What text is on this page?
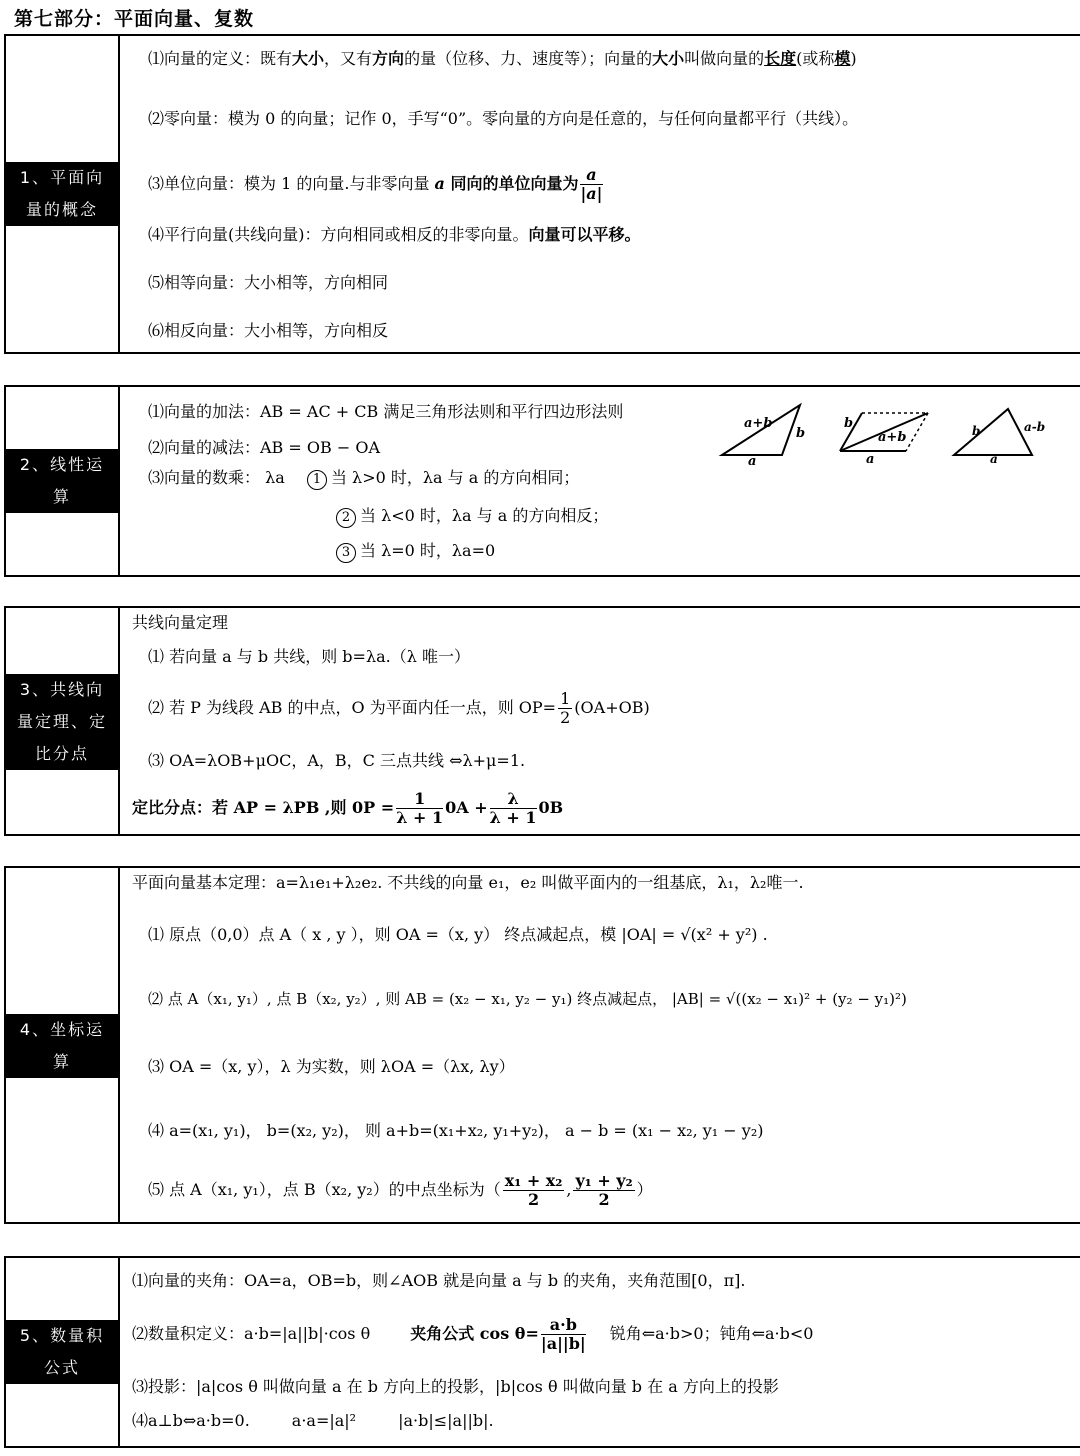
第七部分：平面向量、复数
1、平面向
量的概念
⑴向量的定义：既有大小，又有方向的量（位移、力、速度等）；向量的大小叫做向量的长度(或称模)
⑵零向量：模为 0 的向量；记作 0，手写“0”。零向量的方向是任意的，与任何向量都平行（共线）。
⑶单位向量：模为 1 的向量.与非零向量 a 同向的单位向量为 $\frac{a}{|a|}$
⑷平行向量(共线向量)：方向相同或相反的非零向量。向量可以平移。
⑸相等向量：大小相等，方向相同
⑹相反向量：大小相等，方向相反
2、线性运
算
⑴向量的加法：AB = AC + CB 满足三角形法则和平行四边形法则
⑵向量的减法：AB = OB − OA
⑶向量的数乘： λa 1 当 λ>0 时，λa 与 a 的方向相同；
2 当 λ<0 时，λa 与 a 的方向相反；
3 当 λ=0 时，λa=0
a+b
b
a
b
a+b
a
b	a-b
a
3、共线向
量定理、定
比分点
共线向量定理
⑴ 若向量 a 与 b 共线，则 b=λa.（λ 唯一）
⑵ 若 P 为线段 AB 的中点，O 为平面内任一点，则 $OP= \frac{1}{2} (OA+OB)$
⑶ OA=λOB+μOC，A，B，C 三点共线 ⇔λ+μ=1.
定比分点：若 AP = λPB ,则 $0P = \frac{1}{\lambda + 1} 0A + \frac{\lambda}{\lambda + 1} 0B$
4、坐标运
算
平面向量基本定理：a=λ₁e₁+λ₂e₂. 不共线的向量 e₁，e₂ 叫做平面内的一组基底，λ₁，λ₂唯一.
⑴ 原点（0,0）点 A（ x , y ），则 OA =（x, y） 终点减起点，模 |OA| = √(x² + y²) .
⑵ 点 A（x₁, y₁）, 点 B（x₂, y₂）, 则 AB = (x₂ − x₁, y₂ − y₁) 终点减起点， |AB| = √((x₂ − x₁)² + (y₂ − y₁)²)
⑶ OA =（x, y），λ 为实数，则 λOA =（λx, λy）
⑷ a=(x₁, y₁)， b=(x₂, y₂)， 则 a+b=(x₁+x₂, y₁+y₂)， a − b = (x₁ − x₂, y₁ − y₂)
⑸ 点 A（x₁, y₁），点 B（x₂, y₂）的中点坐标为（ $\frac{\text{x₁ + x₂}}{2}$ , $\frac{\text{y₁ + y₂}}{2}$ ）
5、数量积
公式
⑴向量的夹角：OA=a，OB=b，则∠AOB 就是向量 a 与 b 的夹角，夹角范围[0，π].
⑵数量积定义：a·b=|a||b|·cos θ	夹角公式 $\cos \theta= \frac{a\cdot b}{|a||b|}$ 锐角⇐a·b>0；钝角⇐a·b<0
⑶投影：|a|cos θ 叫做向量 a 在 b 方向上的投影，|b|cos θ 叫做向量 b 在 a 方向上的投影
⑷a⊥b⇔a·b=0.	a·a=|a|²	|a·b|≤|a||b|.
